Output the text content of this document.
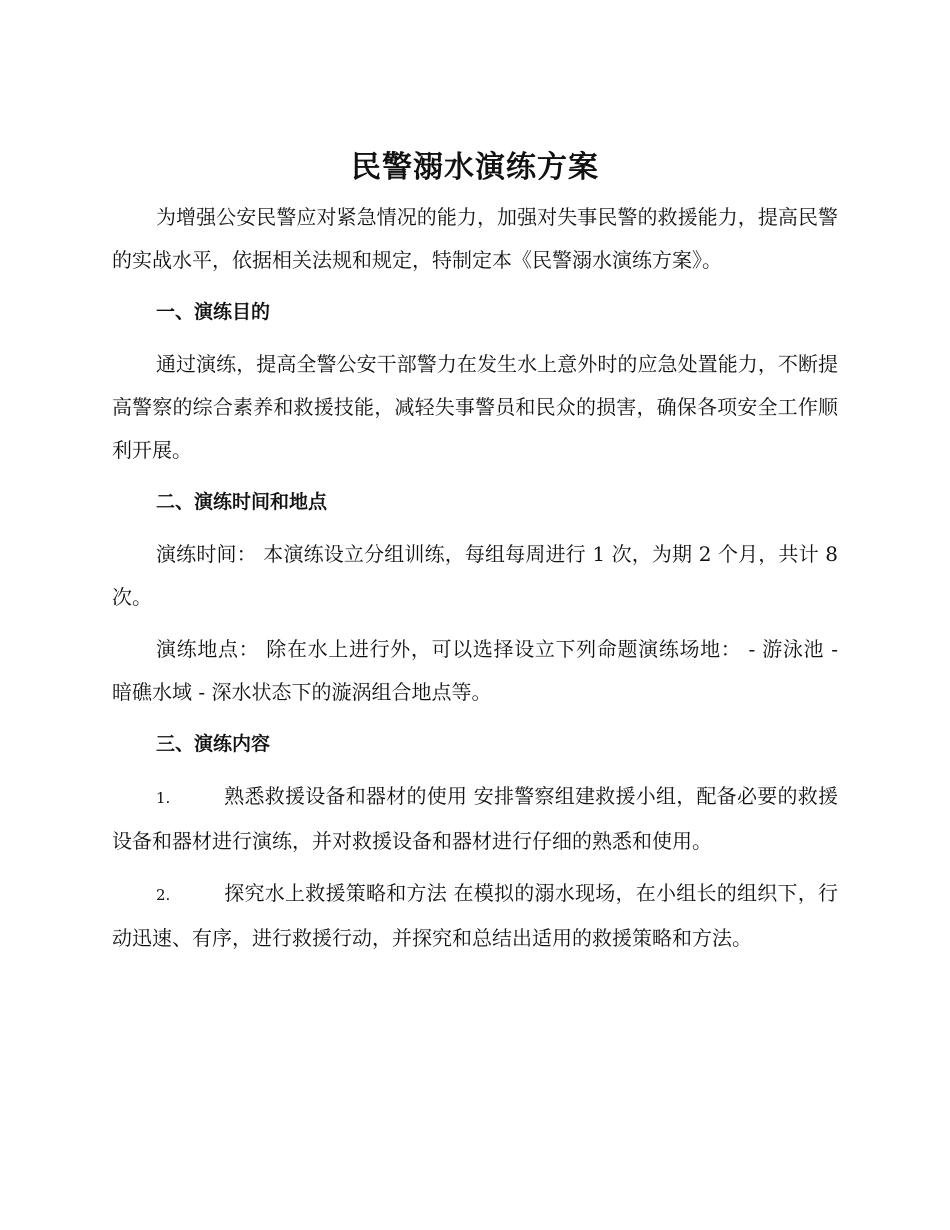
民警溺水演练方案

为增强公安民警应对紧急情况的能力，加强对失事民警的救援能力，提高民警的实战水平，依据相关法规和规定，特制定本《民警溺水演练方案》。

一、演练目的

通过演练，提高全警公安干部警力在发生水上意外时的应急处置能力，不断提高警察的综合素养和救援技能，减轻失事警员和民众的损害，确保各项安全工作顺利开展。

二、演练时间和地点

演练时间： 本演练设立分组训练，每组每周进行 1 次，为期 2 个月，共计 8 次。

演练地点： 除在水上进行外，可以选择设立下列命题演练场地： - 游泳池 - 暗礁水域 - 深水状态下的漩涡组合地点等。

三、演练内容

1.	熟悉救援设备和器材的使用 安排警察组建救援小组，配备必要的救援设备和器材进行演练，并对救援设备和器材进行仔细的熟悉和使用。

2.	探究水上救援策略和方法 在模拟的溺水现场，在小组长的组织下，行动迅速、有序，进行救援行动，并探究和总结出适用的救援策略和方法。
